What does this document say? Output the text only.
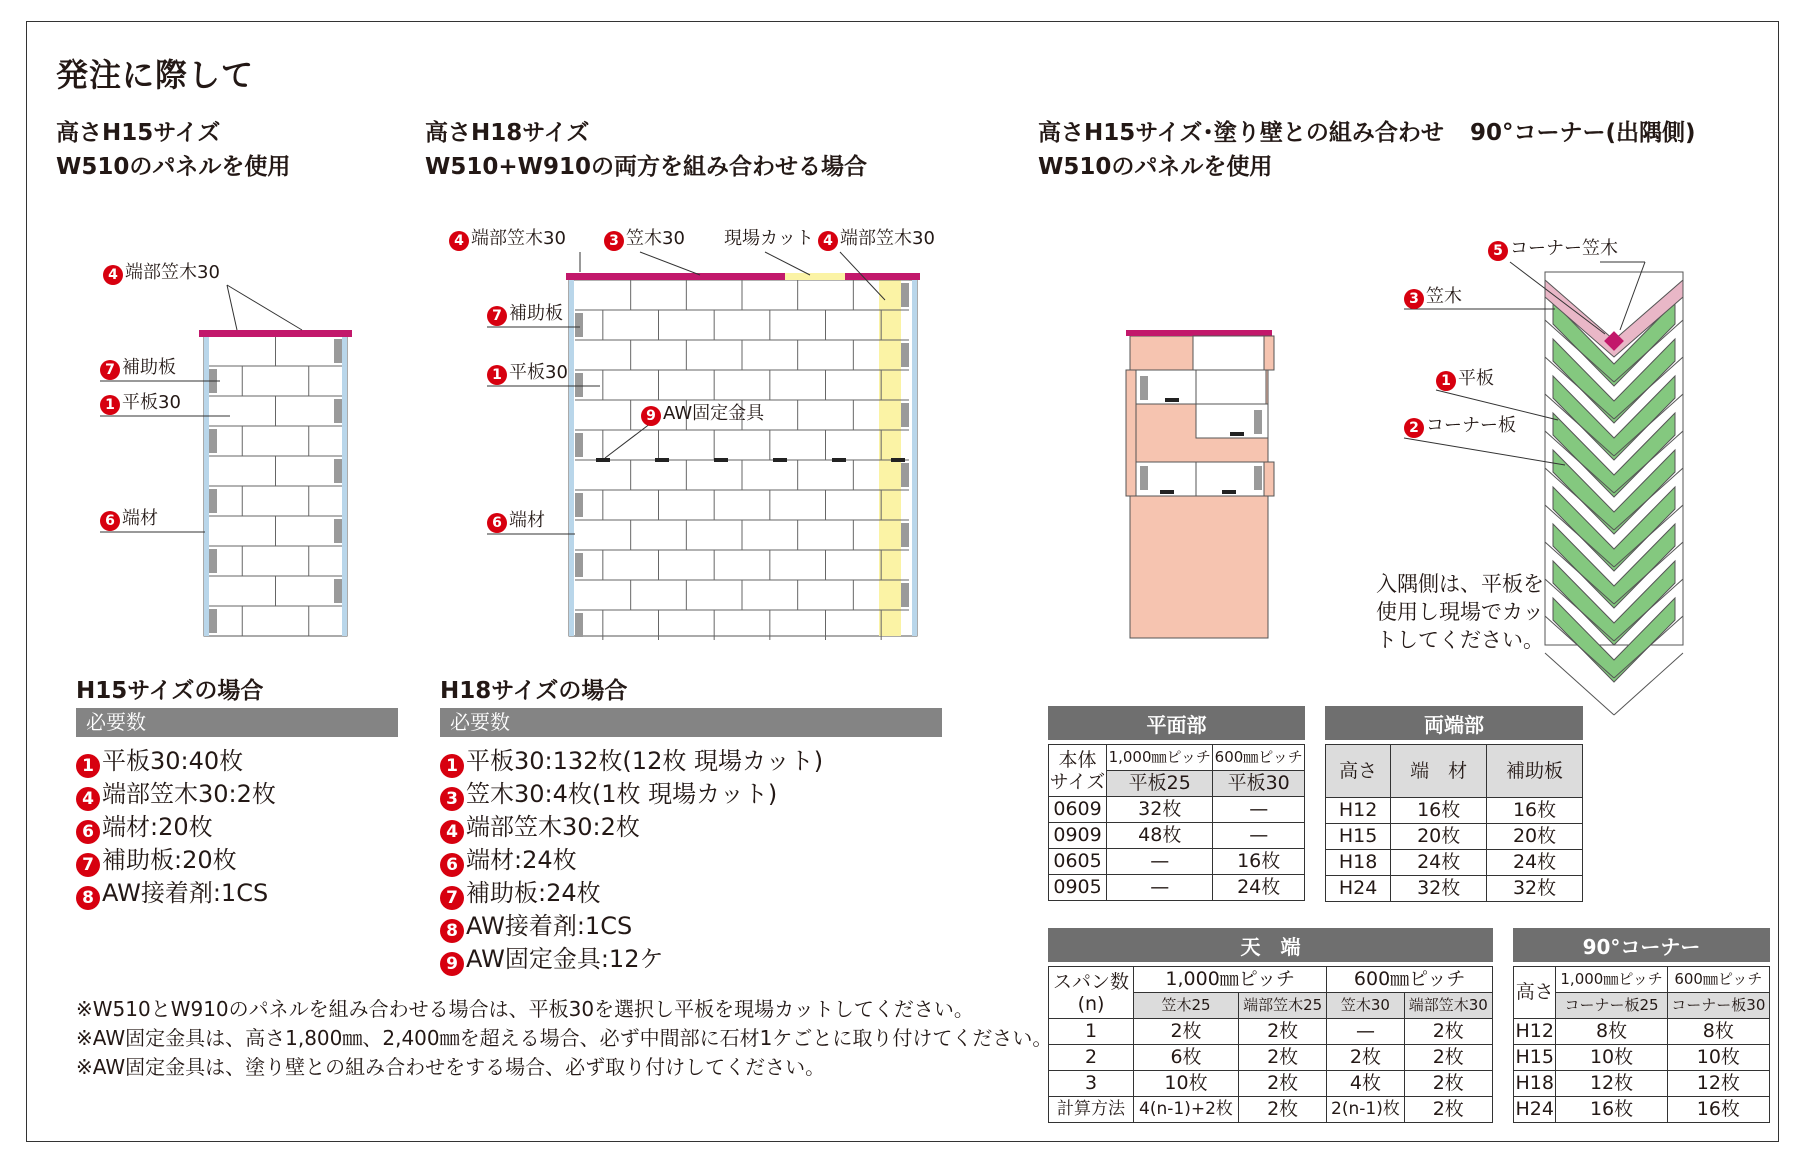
発注に際して
高さH15サイズ
W510のパネルを使用
高さH18サイズ
W510+W910の両方を組み合わせる場合
高さH15サイズ･塗り壁との組み合わせ
W510のパネルを使用
90°コーナー(出隅側)
4 端部笠木30
7 補助板
1 平板30
6 端材
4 端部笠木30	3 笠木30 現場カット 4 端部笠木30
7 補助板
1 平板30
9 AW固定金具
6 端材
5 コーナー笠木
3 笠木
1 平板
2 コーナー板
入隅側は、平板を
使用し現場でカッ
トしてください。
H15サイズの場合
必要数
1 平板30:40枚
4 端部笠木30:2枚
6 端材:20枚
7 補助板:20枚
8 AW接着剤:1CS
H18サイズの場合
必要数
1 平板30:132枚(12枚 現場カット)
3 笠木30:4枚(1枚 現場カット)
4 端部笠木30:2枚
6 端材:24枚
7 補助板:24枚
8 AW接着剤:1CS
9 AW固定金具:12ケ
※W510とW910のパネルを組み合わせる場合は、平板30を選択し平板を現場カットしてください。
※AW固定金具は、高さ1,800㎜、2,400㎜を超える場合、必ず中間部に石材1ケごとに取り付けてください。
※AW固定金具は、塗り壁との組み合わせをする場合、必ず取り付けしてください。
平面部		

本体
サイズ	1,000㎜ピッチ	600㎜ピッチ
	平板25	平板30
0609	32枚	—
0909	48枚	—
0605	—	16枚
0905	—	24枚
両端部		

高さ	端　材	補助板
H12	16枚	16枚
H15	20枚	20枚
H18	24枚	24枚
H24	32枚	32枚
天　端				

スパン数
(n)	1,000㎜ピッチ		600㎜ピッチ	
	笠木25	端部笠木25	笠木30	端部笠木30
1	2枚	2枚	—	2枚
2	6枚	2枚	2枚	2枚
3	10枚	2枚	4枚	2枚
計算方法	4(n-1)+2枚	2枚	2(n-1)枚	2枚
90°コーナー		

高さ	1,000㎜ピッチ	600㎜ピッチ
	コーナー板25	コーナー板30
H12	8枚	8枚
H15	10枚	10枚
H18	12枚	12枚
H24	16枚	16枚
